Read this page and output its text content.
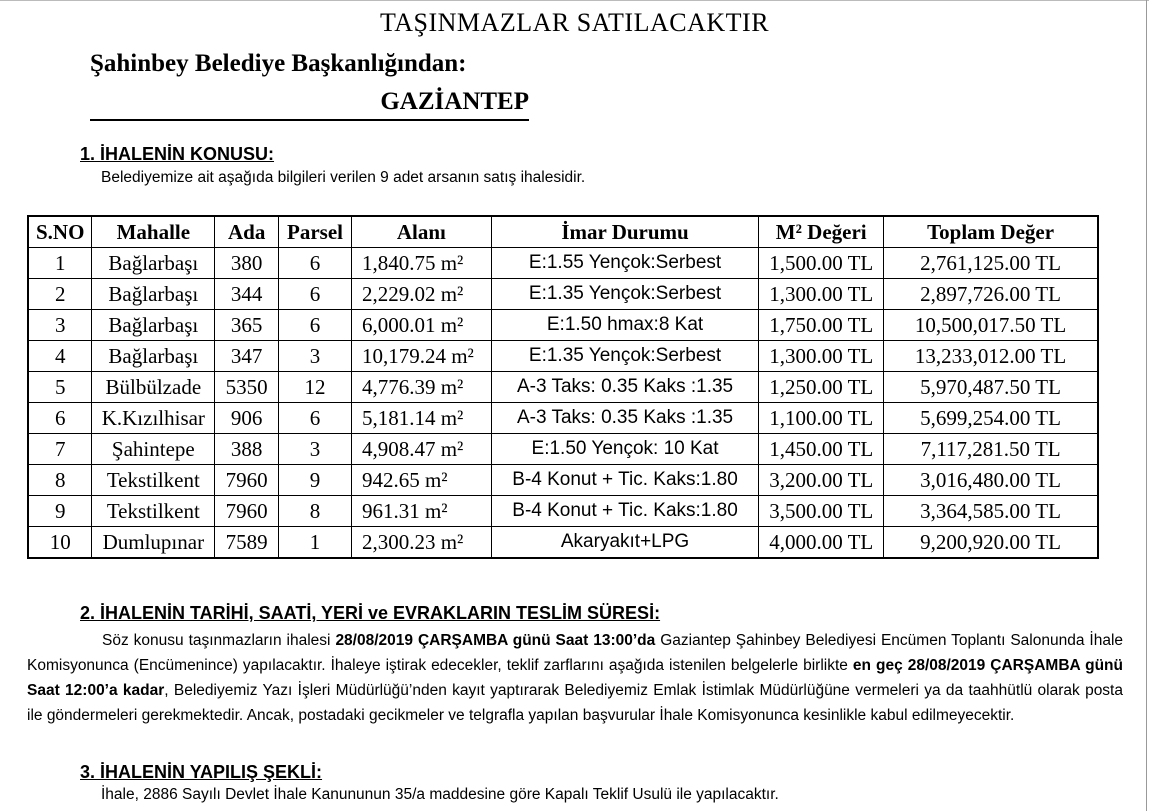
TAŞINMAZLAR SATILACAKTIR
Şahinbey Belediye Başkanlığından:
GAZİANTEP
1. İHALENİN KONUSU:
Belediyemize ait aşağıda bilgileri verilen 9 adet arsanın satış ihalesidir.
S.NO	Mahalle	Ada	Parsel	Alanı	İmar Durumu	M² Değeri	Toplam Değer
1	Bağlarbaşı	380	6	1,840.75 m²	E:1.55 Yençok:Serbest	1,500.00 TL	2,761,125.00 TL
2	Bağlarbaşı	344	6	2,229.02 m²	E:1.35 Yençok:Serbest	1,300.00 TL	2,897,726.00 TL
3	Bağlarbaşı	365	6	6,000.01 m²	E:1.50 hmax:8 Kat	1,750.00 TL	10,500,017.50 TL
4	Bağlarbaşı	347	3	10,179.24 m²	E:1.35 Yençok:Serbest	1,300.00 TL	13,233,012.00 TL
5	Bülbülzade	5350	12	4,776.39 m²	A-3 Taks: 0.35 Kaks :1.35	1,250.00 TL	5,970,487.50 TL
6	K.Kızılhisar	906	6	5,181.14 m²	A-3 Taks: 0.35 Kaks :1.35	1,100.00 TL	5,699,254.00 TL
7	Şahintepe	388	3	4,908.47 m²	E:1.50 Yençok: 10 Kat	1,450.00 TL	7,117,281.50 TL
8	Tekstilkent	7960	9	942.65 m²	B-4 Konut + Tic. Kaks:1.80	3,200.00 TL	3,016,480.00 TL
9	Tekstilkent	7960	8	961.31 m²	B-4 Konut + Tic. Kaks:1.80	3,500.00 TL	3,364,585.00 TL
10	Dumlupınar	7589	1	2,300.23 m²	Akaryakıt+LPG	4,000.00 TL	9,200,920.00 TL
2. İHALENİN TARİHİ, SAATİ, YERİ ve EVRAKLARIN TESLİM SÜRESİ:
Söz konusu taşınmazların ihalesi 28/08/2019 ÇARŞAMBA günü Saat 13:00’da Gaziantep Şahinbey Belediyesi Encümen Toplantı Salonunda İhale Komisyonunca (Encümenince) yapılacaktır. İhaleye iştirak edecekler, teklif zarflarını aşağıda istenilen belgelerle birlikte en geç 28/08/2019 ÇARŞAMBA günü Saat 12:00’a kadar, Belediyemiz Yazı İşleri Müdürlüğü’nden kayıt yaptırarak Belediyemiz Emlak İstimlak Müdürlüğüne vermeleri ya da taahhütlü olarak posta ile göndermeleri gerekmektedir. Ancak, postadaki gecikmeler ve telgrafla yapılan başvurular İhale Komisyonunca kesinlikle kabul edilmeyecektir.
3. İHALENİN YAPILIŞ ŞEKLİ:
İhale, 2886 Sayılı Devlet İhale Kanununun 35/a maddesine göre Kapalı Teklif Usulü ile yapılacaktır.
